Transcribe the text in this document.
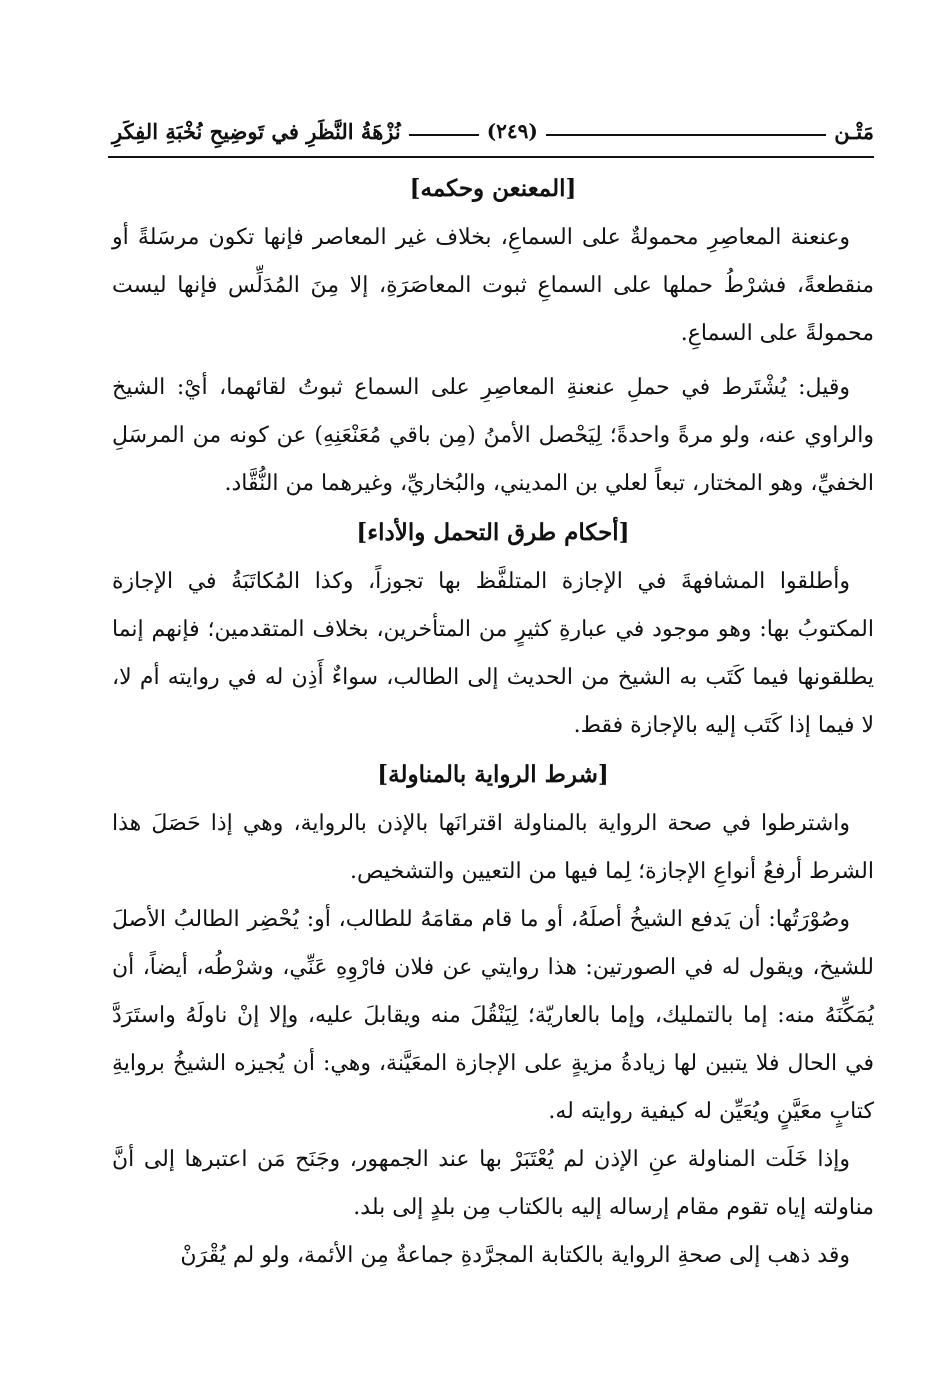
مَتْـن
(٢٤٩)
نُزْهَةُ النَّظَرِ في تَوضِيحِ نُخْبَةِ الفِكَرِ
[المعنعن وحكمه]

وعنعنة المعاصِرِ محمولةٌ على السماعِ، بخلاف غير المعاصر فإنها تكون مرسَلةً أو منقطعةً، فشرْطُ حملها على السماعِ ثبوت المعاصَرَةِ، إلا مِنَ المُدَلِّس فإنها ليست محمولةً على السماعِ.

وقيل: يُشْتَرط في حملِ عنعنةِ المعاصِرِ على السماع ثبوتُ لقائهما، أيْ: الشيخ والراوي عنه، ولو مرةً واحدةً؛ لِيَحْصل الأمنُ (مِن باقي مُعَنْعَنِهِ) عن كونه من المرسَلِ الخفيِّ، وهو المختار، تبعاً لعلي بن المديني، والبُخاريِّ، وغيرهما من النُّقَّاد.

[أحكام طرق التحمل والأداء]

وأطلقوا المشافهةَ في الإجازة المتلفَّظ بها تجوزاً، وكذا المُكاتَبَةُ في الإجازة المكتوبُ بها: وهو موجود في عبارةِ كثيرٍ من المتأخرين، بخلاف المتقدمين؛ فإنهم إنما يطلقونها فيما كَتَب به الشيخ من الحديث إلى الطالب، سواءٌ أَذِن له في روايته أم لا، لا فيما إذا كَتَب إليه بالإجازة فقط.

[شرط الرواية بالمناولة]

واشترطوا في صحة الرواية بالمناولة اقترانَها بالإذن بالرواية، وهي إذا حَصَلَ هذا الشرط أرفعُ أنواعِ الإجازة؛ لِما فيها من التعيين والتشخيص.

وصُوْرَتُها: أن يَدفع الشيخُ أصلَهُ، أو ما قام مقامَهُ للطالب، أو: يُحْضِر الطالبُ الأصلَ للشيخ، ويقول له في الصورتين: هذا روايتي عن فلان فارْوِهِ عَنِّي، وشرْطُه، أيضاً، أن يُمَكِّنَهُ منه: إما بالتمليك، وإما بالعاريّة؛ لِيَنْقُلَ منه ويقابلَ عليه، وإلا إنْ ناولَهُ واستَرَدَّ في الحال فلا يتبين لها زيادةُ مزيةٍ على الإجازة المعَيَّنة، وهي: أن يُجيزه الشيخُ بروايةِ كتابٍ معَيَّنٍ ويُعَيِّن له كيفية روايته له.

وإذا خَلَت المناولة عنِ الإذن لم يُعْتَبَرْ بها عند الجمهور، وجَنَح مَن اعتبرها إلى أنَّ مناولته إياه تقوم مقام إرساله إليه بالكتاب مِن بلدٍ إلى بلد.

وقد ذهب إلى صحةِ الرواية بالكتابة المجرَّدةِ جماعةٌ مِن الأئمة، ولو لم يُقْرَنْ
